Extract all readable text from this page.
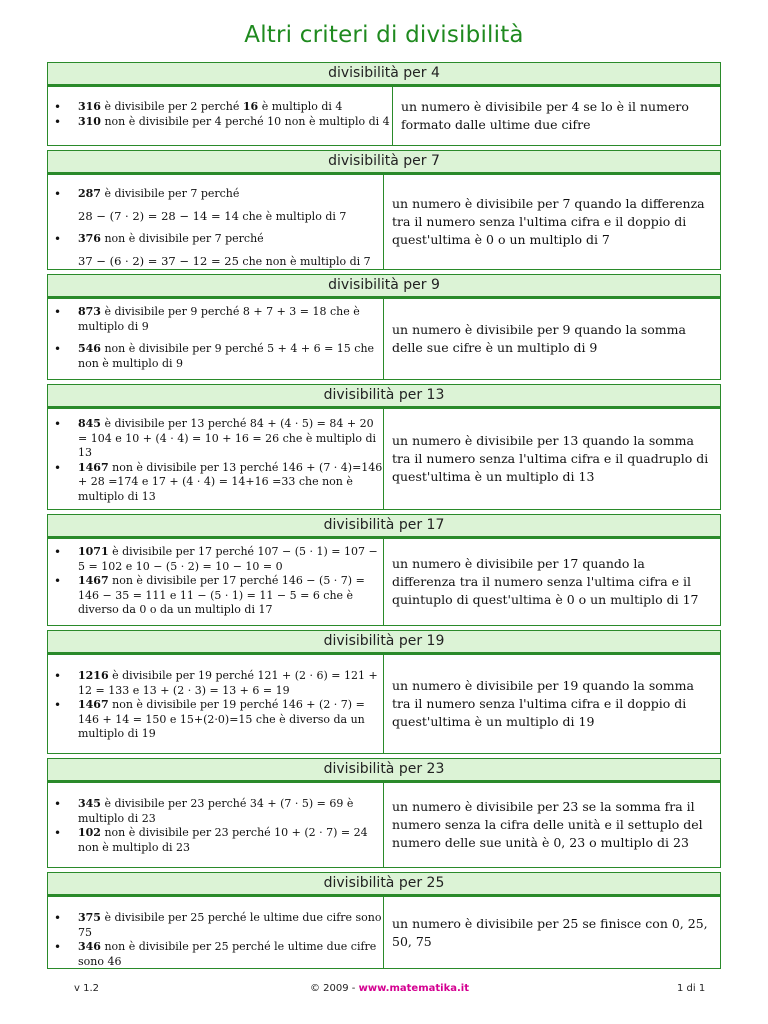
Altri criteri di divisibilità
divisibilità per 4
• 316 è divisibile per 2 perché 16 è multiplo di 4
• 310 non è divisibile per 4 perché 10 non è multiplo di 4
un numero è divisibile per 4 se lo è il numero formato dalle ultime due cifre
divisibilità per 7
• 287 è divisibile per 7 perché
28 − (7 · 2) = 28 − 14 = 14 che è multiplo di 7
• 376 non è divisibile per 7 perché
37 − (6 · 2) = 37 − 12 = 25 che non è multiplo di 7
un numero è divisibile per 7 quando la differenza tra il numero senza l'ultima cifra e il doppio di quest'ultima è 0 o un multiplo di 7
divisibilità per 9
• 873 è divisibile per 9 perché 8 + 7 + 3 = 18 che è multiplo di 9
• 546 non è divisibile per 9 perché 5 + 4 + 6 = 15 che non è multiplo di 9
un numero è divisibile per 9 quando la somma delle sue cifre è un multiplo di 9
divisibilità per 13
• 845 è divisibile per 13 perché 84 + (4 · 5) = 84 + 20 = 104 e 10 + (4 · 4) = 10 + 16 = 26 che è multiplo di 13
• 1467 non è divisibile per 13 perché 146 + (7 · 4)=146 + 28 =174 e 17 + (4 · 4) = 14+16 =33 che non è multiplo di 13
un numero è divisibile per 13 quando la somma tra il numero senza l'ultima cifra e il quadruplo di quest'ultima è un multiplo di 13
divisibilità per 17
• 1071 è divisibile per 17 perché 107 − (5 · 1) = 107 − 5 = 102 e 10 − (5 · 2) = 10 − 10 = 0
• 1467 non è divisibile per 17 perché 146 − (5 · 7) = 146 − 35 = 111 e 11 − (5 · 1) = 11 − 5 = 6 che è diverso da 0 o da un multiplo di 17
un numero è divisibile per 17 quando la differenza tra il numero senza l'ultima cifra e il quintuplo di quest'ultima è 0 o un multiplo di 17
divisibilità per 19
• 1216 è divisibile per 19 perché 121 + (2 · 6) = 121 + 12 = 133 e 13 + (2 · 3) = 13 + 6 = 19
• 1467 non è divisibile per 19 perché 146 + (2 · 7) = 146 + 14 = 150 e 15+(2·0)=15 che è diverso da un multiplo di 19
un numero è divisibile per 19 quando la somma tra il numero senza l'ultima cifra e il doppio di quest'ultima è un multiplo di 19
divisibilità per 23
• 345 è divisibile per 23 perché 34 + (7 · 5) = 69 è multiplo di 23
• 102 non è divisibile per 23 perché 10 + (2 · 7) = 24 non è multiplo di 23
un numero è divisibile per 23 se la somma fra il numero senza la cifra delle unità e il settuplo del numero delle sue unità è 0, 23 o multiplo di 23
divisibilità per 25
• 375 è divisibile per 25 perché le ultime due cifre sono 75
• 346 non è divisibile per 25 perché le ultime due cifre sono 46
un numero è divisibile per 25 se finisce con 0, 25, 50, 75
v 1.2	© 2009 - www.matematika.it	1 di 1
